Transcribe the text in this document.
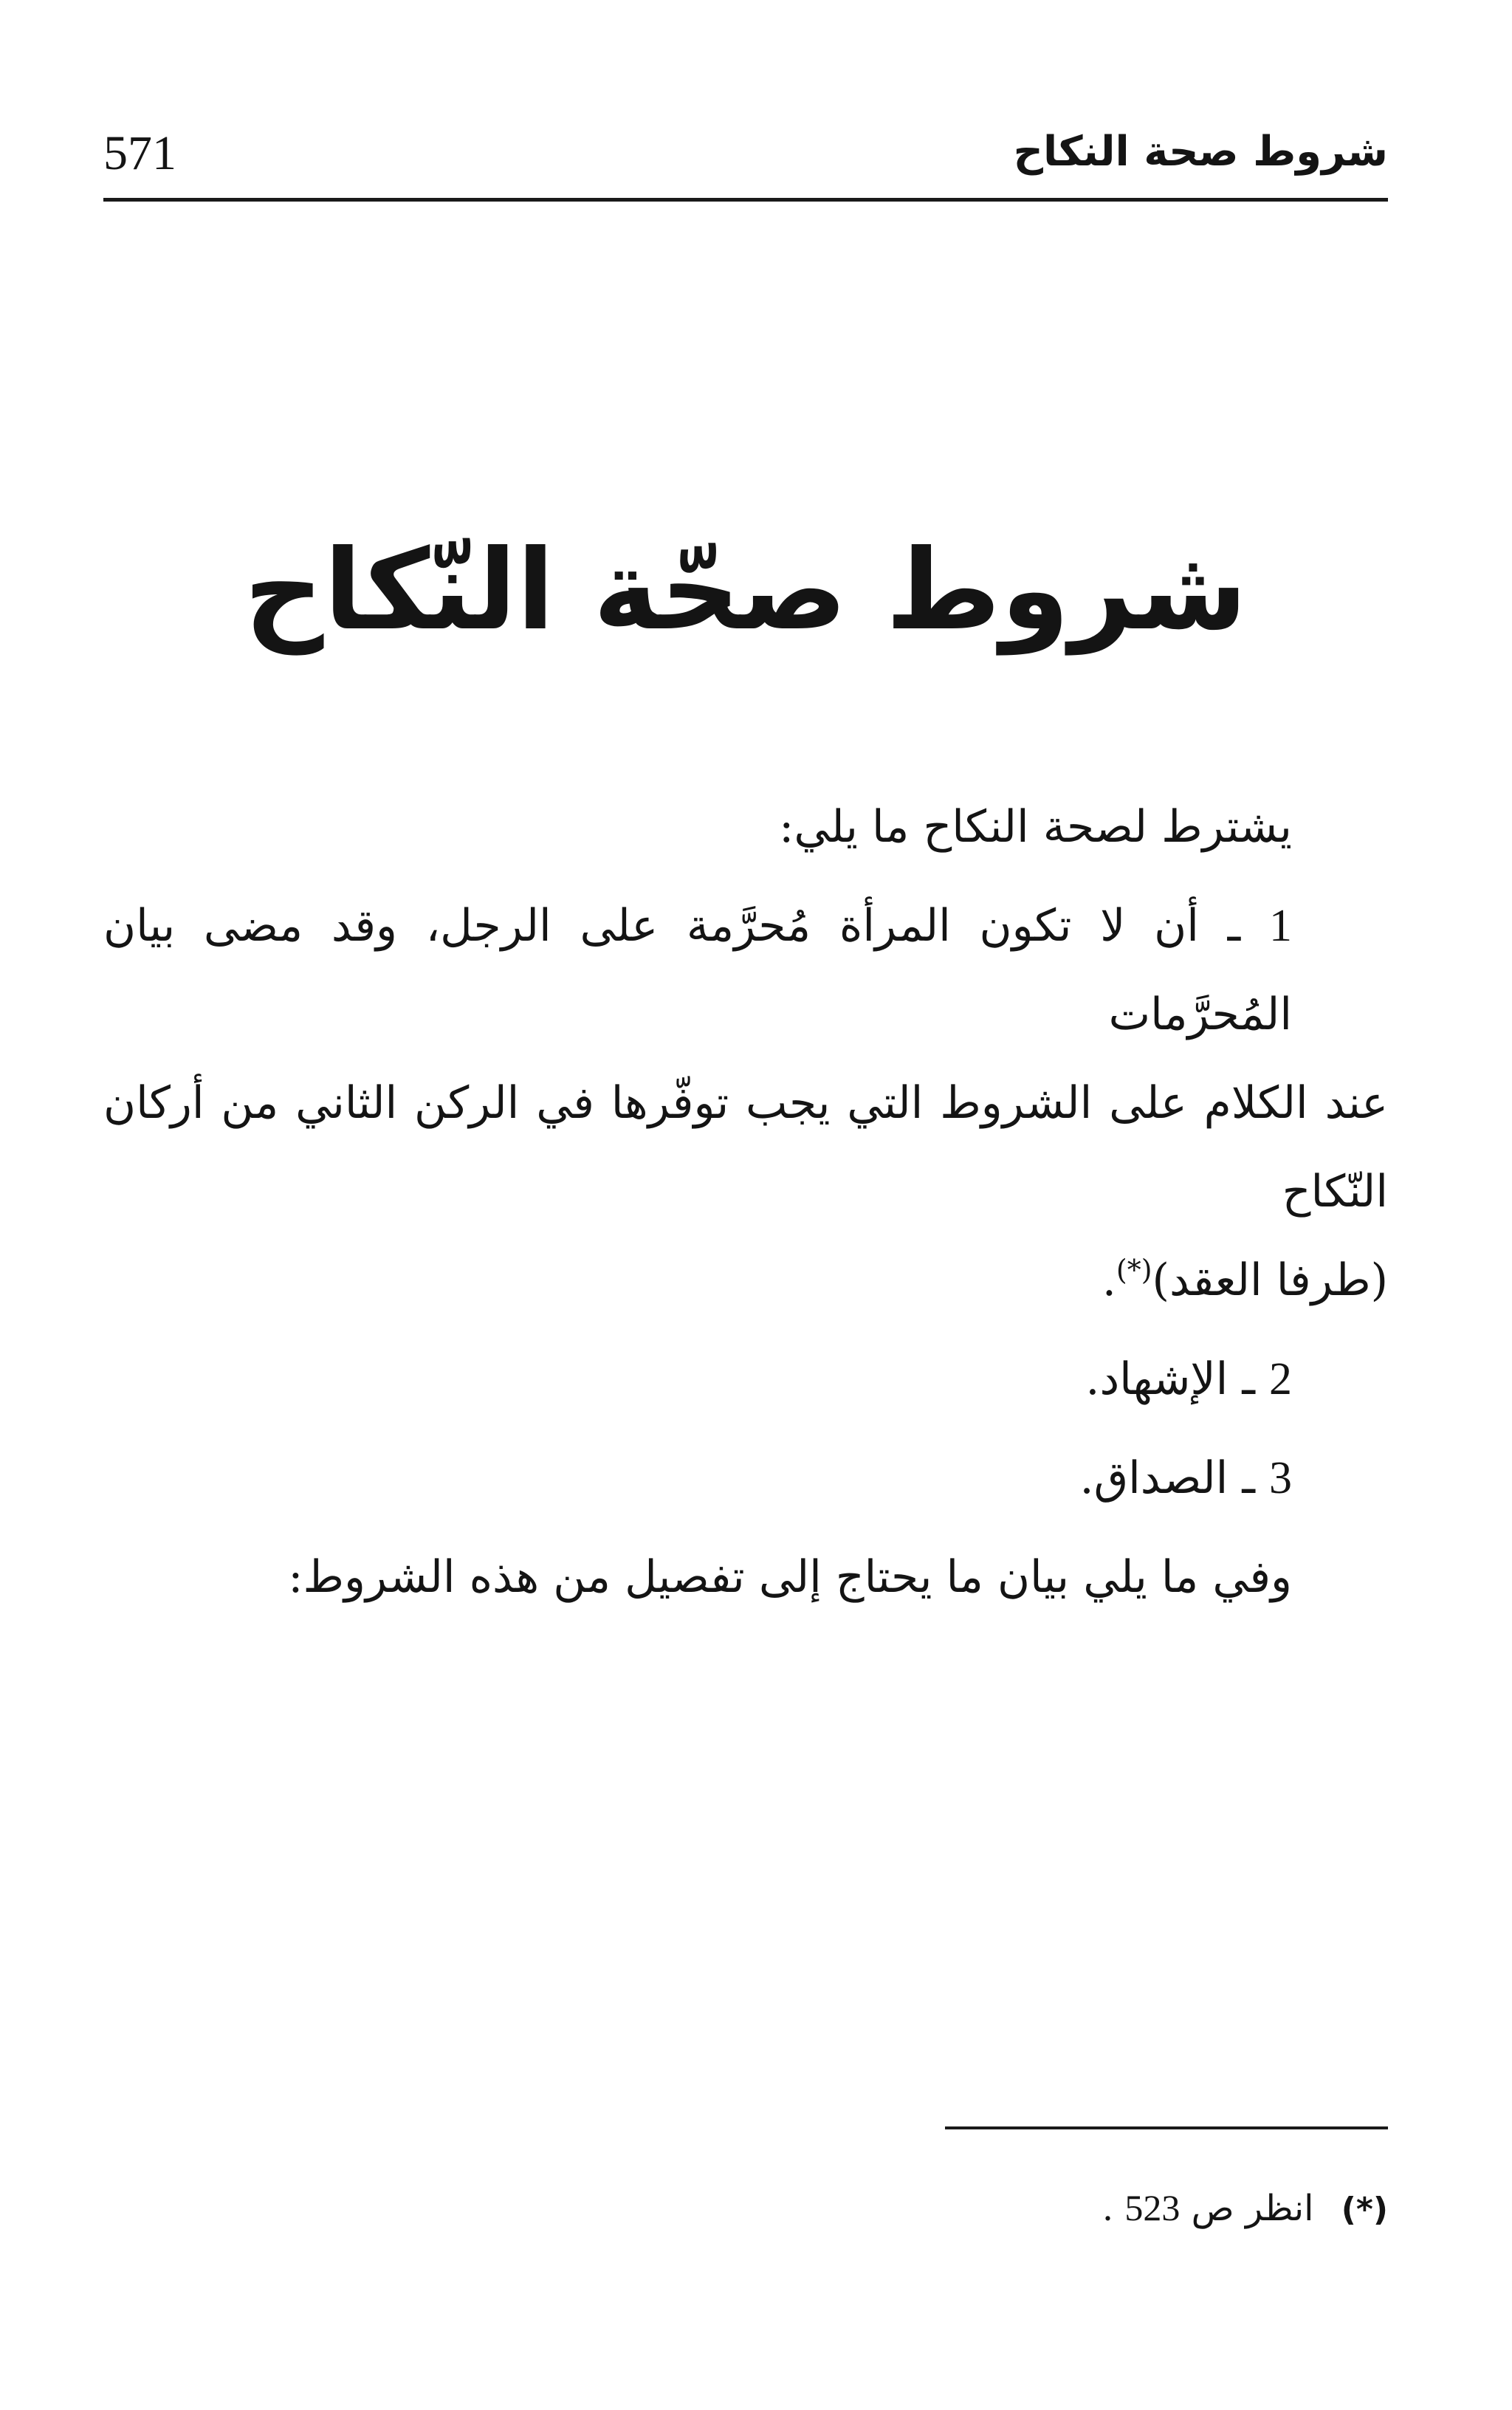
571	شروط صحة النكاح
شروط صحّة النّكاح

يشترط لصحة النكاح ما يلي:

1 ـ أن لا تكون المرأة مُحرَّمة على الرجل، وقد مضى بيان المُحرَّمات

عند الكلام على الشروط التي يجب توفّرها في الركن الثاني من أركان النّكاح
(طرفا العقد)(*).

2 ـ الإشهاد.

3 ـ الصداق.

وفي ما يلي بيان ما يحتاج إلى تفصيل من هذه الشروط:

(*) انظر ص 523 .
